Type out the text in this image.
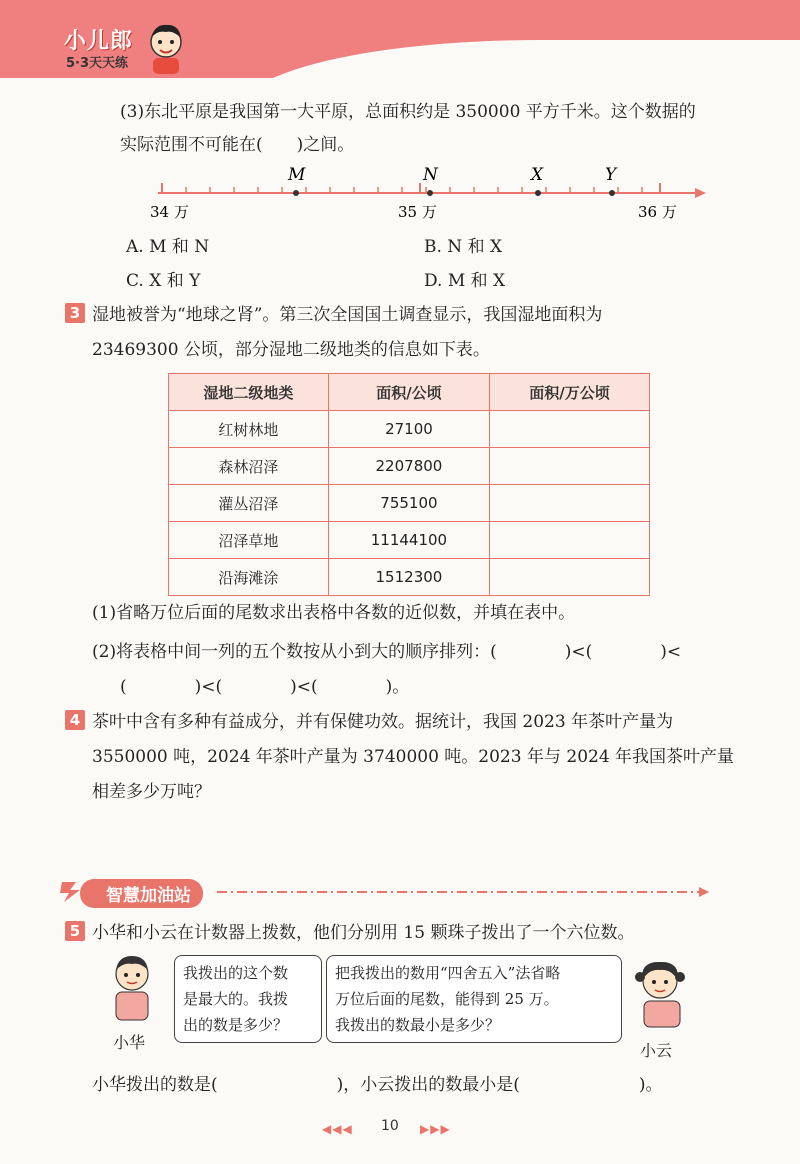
小儿郎
5·3天天练
(3)东北平原是我国第一大平原，总面积约是 350000 平方千米。这个数据的
实际范围不可能在(　　)之间。
M	N	X	Y
34 万	35 万	36 万
A. M 和 N	B. N 和 X
C. X 和 Y	D. M 和 X
3 湿地被誉为“地球之肾”。第三次全国国土调查显示，我国湿地面积为
23469300 公顷，部分湿地二级地类的信息如下表。
湿地二级地类	面积/公顷	面积/万公顷
红树林地	27100	
森林沼泽	2207800	
灌丛沼泽	755100	
沼泽草地	11144100	
沿海滩涂	1512300	
(1)省略万位后面的尾数求出表格中各数的近似数，并填在表中。
(2)将表格中间一列的五个数按从小到大的顺序排列：(　　　　)<(　　　　)<
(　　　　)<(　　　　)<(　　　　)。
4 茶叶中含有多种有益成分，并有保健功效。据统计，我国 2023 年茶叶产量为
3550000 吨，2024 年茶叶产量为 3740000 吨。2023 年与 2024 年我国茶叶产量
相差多少万吨？
智慧加油站
5 小华和小云在计数器上拨数，他们分别用 15 颗珠子拨出了一个六位数。
小华
我拨出的这个数
是最大的。我拨
出的数是多少？
把我拨出的数用“四舍五入”法省略
万位后面的尾数，能得到 25 万。
我拨出的数最小是多少？
小云
小华拨出的数是(　　　　　　　)，小云拨出的数最小是(　　　　　　　)。
◀◀◀ 10 ▶▶▶
